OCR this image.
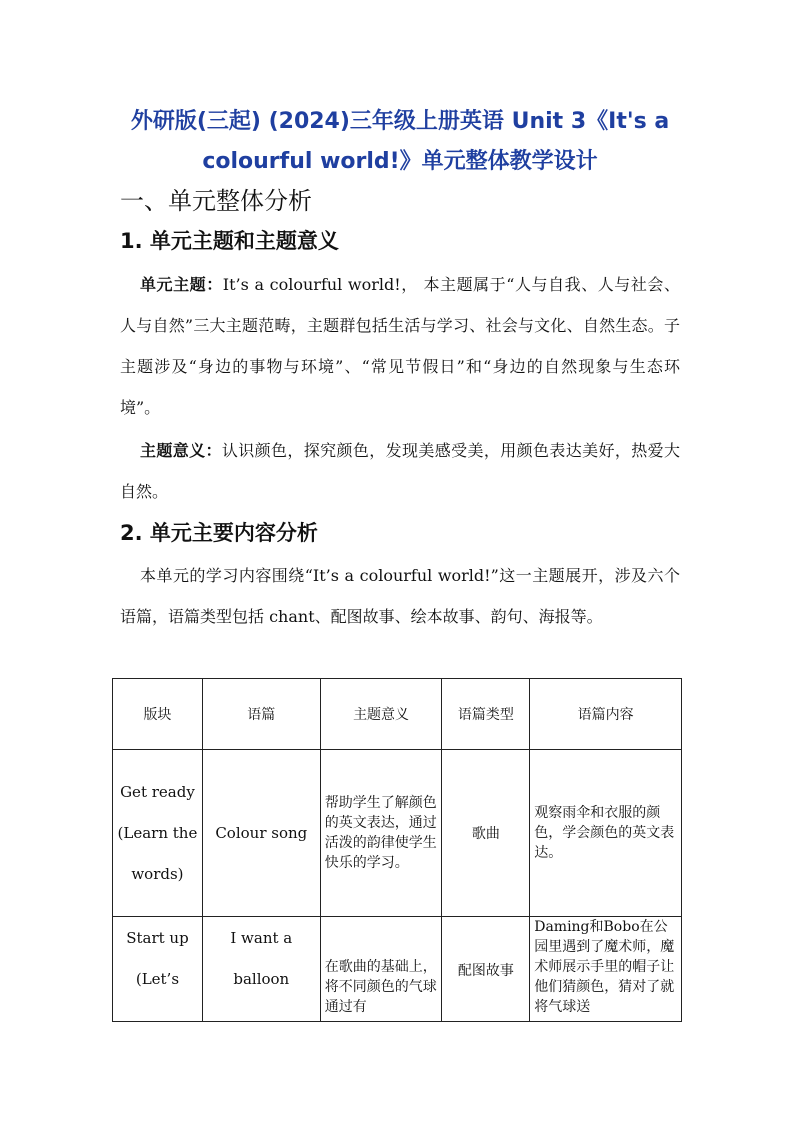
外研版(三起) (2024)三年级上册英语 Unit 3《It's a colourful world!》单元整体教学设计
一、单元整体分析
1. 单元主题和主题意义
单元主题：It’s a colourful world!， 本主题属于“人与自我、人与社会、人与自然”三大主题范畴，主题群包括生活与学习、社会与文化、自然生态。子主题涉及“身边的事物与环境”、“常见节假日”和“身边的自然现象与生态环境”。
主题意义：认识颜色，探究颜色，发现美感受美，用颜色表达美好，热爱大自然。
2. 单元主要内容分析
本单元的学习内容围绕“It’s a colourful world!”这一主题展开，涉及六个语篇，语篇类型包括 chant、配图故事、绘本故事、韵句、海报等。
版块	语篇	主题意义	语篇类型	语篇内容
Get ready (Learn the words)	Colour song	帮助学生了解颜色的英文表达，通过活泼的韵律使学生快乐的学习。	歌曲	观察雨伞和衣服的颜色，学会颜色的英文表达。

Start up (Let’s	I want a balloon	在歌曲的基础上，将不同颜色的气球通过有	配图故事	Daming和Bobo在公园里遇到了魔术师，魔术师展示手里的帽子让他们猜颜色，猜对了就将气球送
